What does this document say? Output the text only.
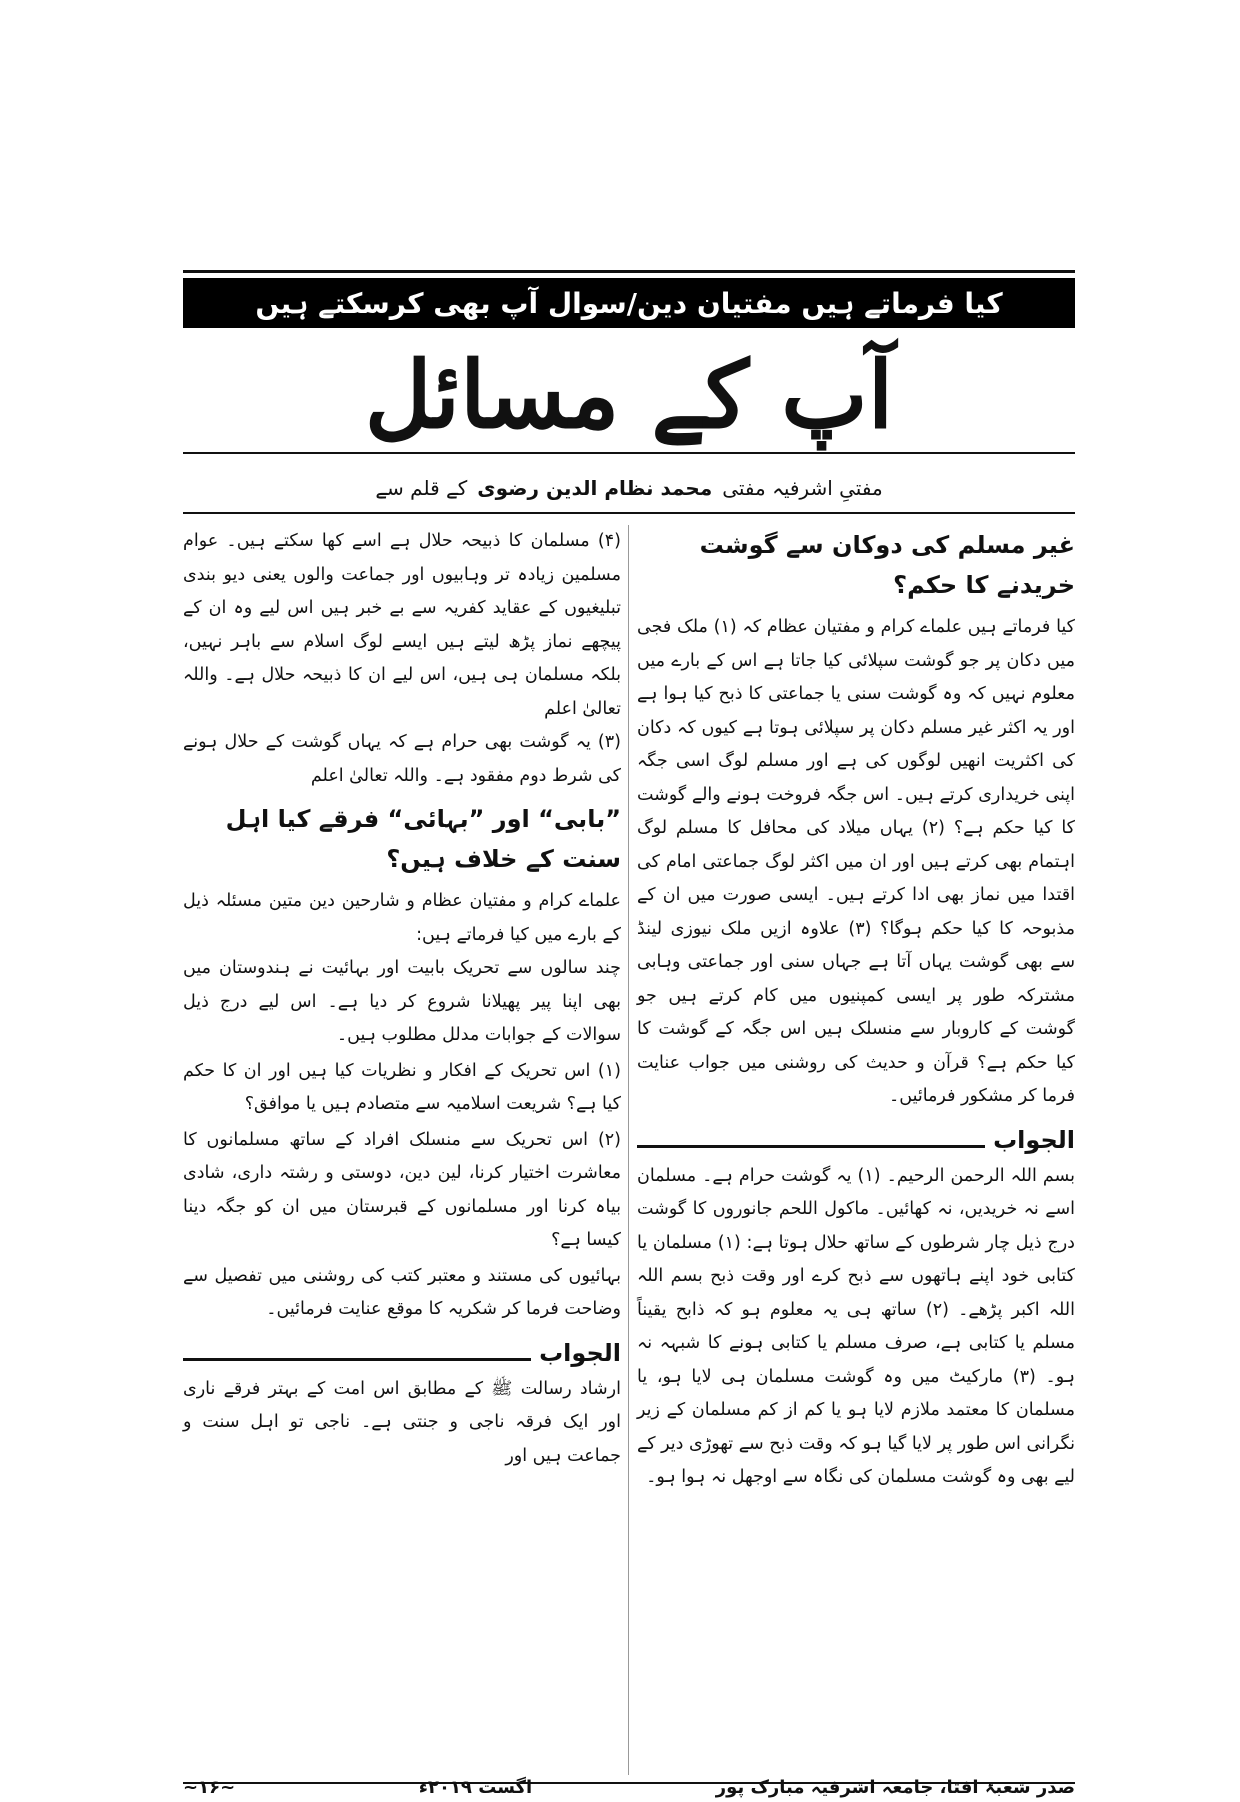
کیا فرماتے ہیں مفتیان دین/سوال آپ بھی کرسکتے ہیں
آپ کے مسائل
مفتیِ اشرفیہ مفتی
محمد نظام الدین رضوی
کے قلم سے
غیر مسلم کی دوکان سے گوشت خریدنے کا حکم؟

کیا فرماتے ہیں علماے کرام و مفتیان عظام کہ (۱) ملک فجی میں دکان پر جو گوشت سپلائی کیا جاتا ہے اس کے بارے میں معلوم نہیں کہ وہ گوشت سنی یا جماعتی کا ذبح کیا ہوا ہے اور یہ اکثر غیر مسلم دکان پر سپلائی ہوتا ہے کیوں کہ دکان کی اکثریت انھیں لوگوں کی ہے اور مسلم لوگ اسی جگہ اپنی خریداری کرتے ہیں۔ اس جگہ فروخت ہونے والے گوشت کا کیا حکم ہے؟ (۲) یہاں میلاد کی محافل کا مسلم لوگ اہتمام بھی کرتے ہیں اور ان میں اکثر لوگ جماعتی امام کی اقتدا میں نماز بھی ادا کرتے ہیں۔ ایسی صورت میں ان کے مذبوحہ کا کیا حکم ہوگا؟ (۳) علاوہ ازیں ملک نیوزی لینڈ سے بھی گوشت یہاں آتا ہے جہاں سنی اور جماعتی وہابی مشترکہ طور پر ایسی کمپنیوں میں کام کرتے ہیں جو گوشت کے کاروبار سے منسلک ہیں اس جگہ کے گوشت کا کیا حکم ہے؟ قرآن و حدیث کی روشنی میں جواب عنایت فرما کر مشکور فرمائیں۔

الجواب

بسم اللہ الرحمن الرحیم۔ (۱) یہ گوشت حرام ہے۔ مسلمان اسے نہ خریدیں، نہ کھائیں۔ ماکول اللحم جانوروں کا گوشت درج ذیل چار شرطوں کے ساتھ حلال ہوتا ہے: (۱) مسلمان یا کتابی خود اپنے ہاتھوں سے ذبح کرے اور وقت ذبح بسم اللہ اللہ اکبر پڑھے۔ (۲) ساتھ ہی یہ معلوم ہو کہ ذابح یقیناً مسلم یا کتابی ہے، صرف مسلم یا کتابی ہونے کا شبہہ نہ ہو۔ (۳) مارکیٹ میں وہ گوشت مسلمان ہی لایا ہو، یا مسلمان کا معتمد ملازم لایا ہو یا کم از کم مسلمان کے زیر نگرانی اس طور پر لایا گیا ہو کہ وقت ذبح سے تھوڑی دیر کے لیے بھی وہ گوشت مسلمان کی نگاہ سے اوجھل نہ ہوا ہو۔

(۴) مسلمان کا ذبیحہ حلال ہے اسے کھا سکتے ہیں۔ عوام مسلمین زیادہ تر وہابیوں اور جماعت والوں یعنی دیو بندی تبلیغیوں کے عقاید کفریہ سے بے خبر ہیں اس لیے وہ ان کے پیچھے نماز پڑھ لیتے ہیں ایسے لوگ اسلام سے باہر نہیں، بلکہ مسلمان ہی ہیں، اس لیے ان کا ذبیحہ حلال ہے۔ واللہ تعالیٰ اعلم

(۳) یہ گوشت بھی حرام ہے کہ یہاں گوشت کے حلال ہونے کی شرط دوم مفقود ہے۔ واللہ تعالیٰ اعلم

”بابی“ اور ”بہائی“ فرقے کیا اہل سنت کے خلاف ہیں؟

علماے کرام و مفتیان عظام و شارحین دین متین مسئلہ ذیل کے بارے میں کیا فرماتے ہیں:

چند سالوں سے تحریک بابیت اور بہائیت نے ہندوستان میں بھی اپنا پیر پھیلانا شروع کر دیا ہے۔ اس لیے درج ذیل سوالات کے جوابات مدلل مطلوب ہیں۔

(۱) اس تحریک کے افکار و نظریات کیا ہیں اور ان کا حکم کیا ہے؟ شریعت اسلامیہ سے متصادم ہیں یا موافق؟

(۲) اس تحریک سے منسلک افراد کے ساتھ مسلمانوں کا معاشرت اختیار کرنا، لین دین، دوستی و رشتہ داری، شادی بیاہ کرنا اور مسلمانوں کے قبرستان میں ان کو جگہ دینا کیسا ہے؟

بہائیوں کی مستند و معتبر کتب کی روشنی میں تفصیل سے وضاحت فرما کر شکریہ کا موقع عنایت فرمائیں۔

الجواب

ارشاد رسالت ﷺ کے مطابق اس امت کے بہتر فرقے ناری اور ایک فرقہ ناجی و جنتی ہے۔ ناجی تو اہل سنت و جماعت ہیں اور

صدر شعبۂ افتا، جامعہ اشرفیہ مبارک پور
اگست ۲۰۱۹ء
~۱۶~
